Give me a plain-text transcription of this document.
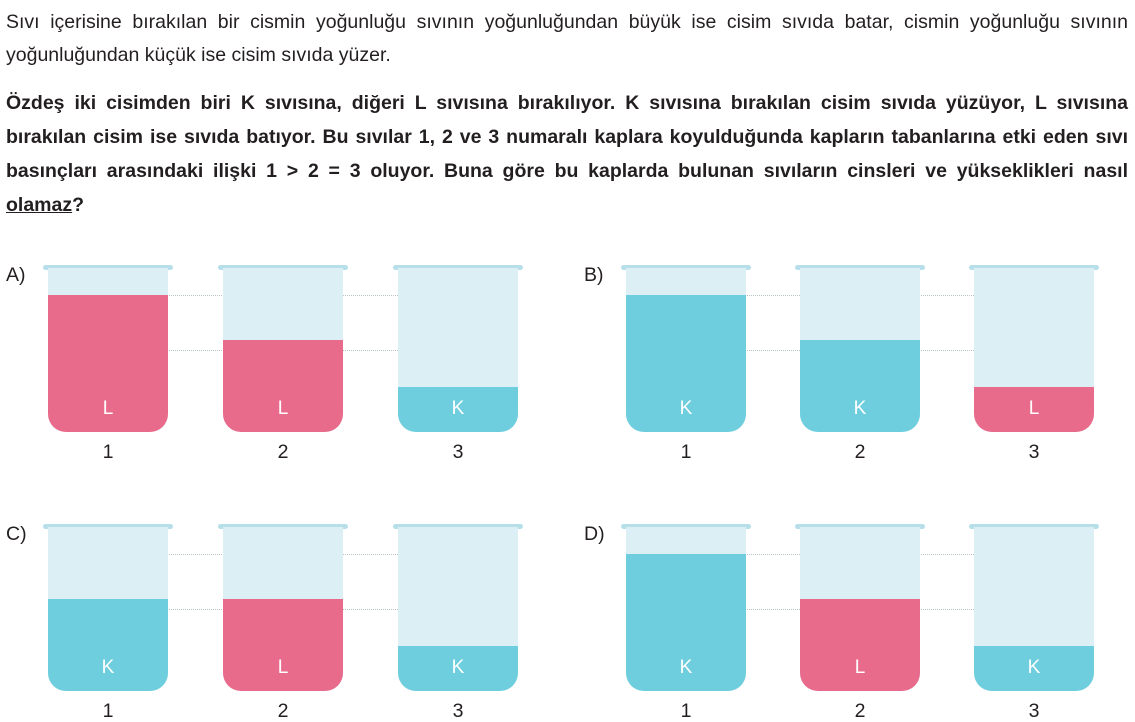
Sıvı içerisine bırakılan bir cismin yoğunluğu sıvının yoğunluğundan büyük ise cisim sıvıda batar, cismin yoğunluğu sıvının yoğunluğundan küçük ise cisim sıvıda yüzer.

Özdeş iki cisimden biri K sıvısına, diğeri L sıvısına bırakılıyor. K sıvısına bırakılan cisim sıvıda yüzüyor, L sıvısına bırakılan cisim ise sıvıda batıyor. Bu sıvılar 1, 2 ve 3 numaralı kaplara koyulduğunda kapların tabanlarına etki eden sıvı basınçları arasındaki ilişki 1 > 2 = 3 oluyor. Buna göre bu kaplarda bulunan sıvıların cinsleri ve yükseklikleri nasıl olamaz?

A)
L
1
L
2
K
3
B)
K
1
K
2
L
3
C)
K
1
L
2
K
3
D)
K
1
L
2
K
3
